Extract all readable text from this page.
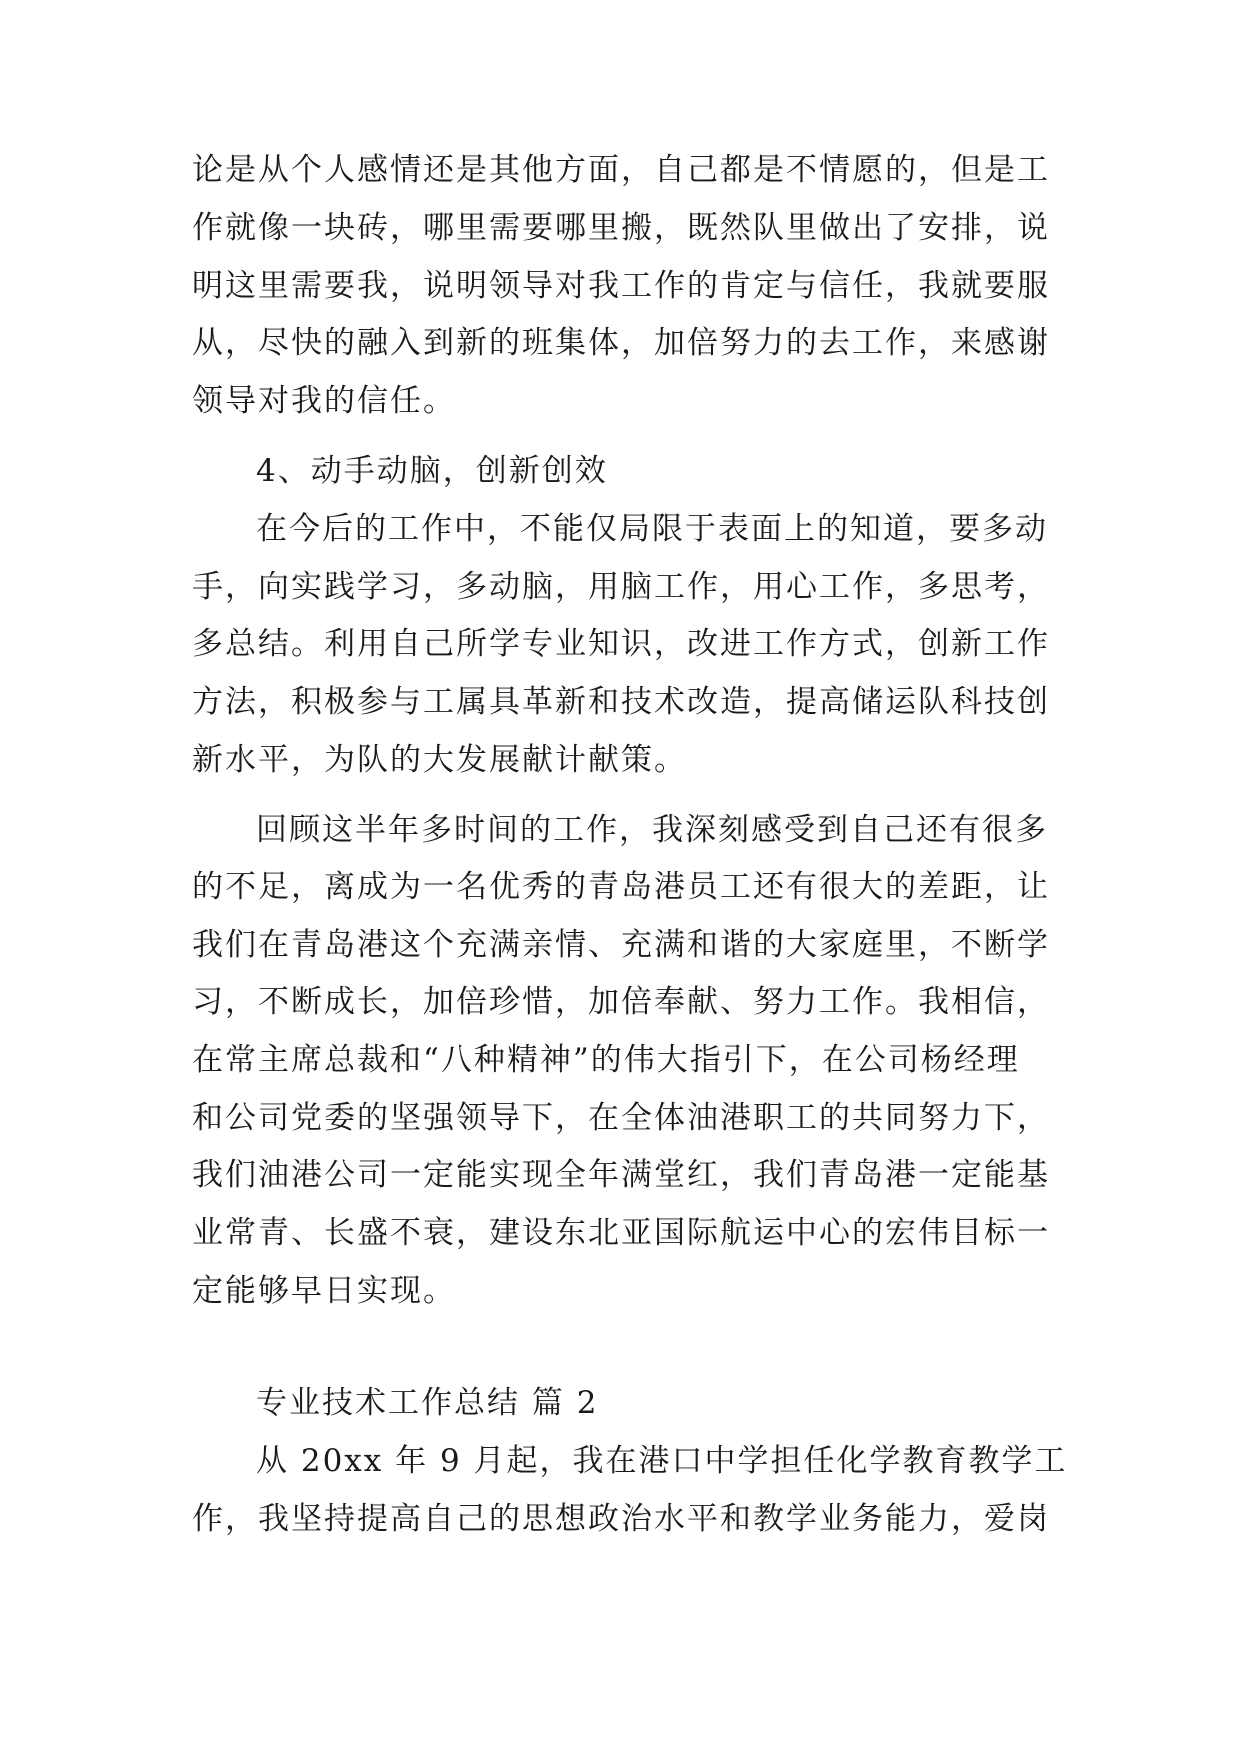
论是从个人感情还是其他方面，自己都是不情愿的，但是工
作就像一块砖，哪里需要哪里搬，既然队里做出了安排，说
明这里需要我，说明领导对我工作的肯定与信任，我就要服
从，尽快的融入到新的班集体，加倍努力的去工作，来感谢
领导对我的信任。
4、动手动脑，创新创效
在今后的工作中，不能仅局限于表面上的知道，要多动
手，向实践学习，多动脑，用脑工作，用心工作，多思考，
多总结。利用自己所学专业知识，改进工作方式，创新工作
方法，积极参与工属具革新和技术改造，提高储运队科技创
新水平，为队的大发展献计献策。
回顾这半年多时间的工作，我深刻感受到自己还有很多
的不足，离成为一名优秀的青岛港员工还有很大的差距，让
我们在青岛港这个充满亲情、充满和谐的大家庭里，不断学
习，不断成长，加倍珍惜，加倍奉献、努力工作。我相信，
在常主席总裁和“八种精神”的伟大指引下，在公司杨经理
和公司党委的坚强领导下，在全体油港职工的共同努力下，
我们油港公司一定能实现全年满堂红，我们青岛港一定能基
业常青、长盛不衰，建设东北亚国际航运中心的宏伟目标一
定能够早日实现。
专业技术工作总结 篇 2
从 20xx 年 9 月起，我在港口中学担任化学教育教学工
作，我坚持提高自己的思想政治水平和教学业务能力，爱岗
